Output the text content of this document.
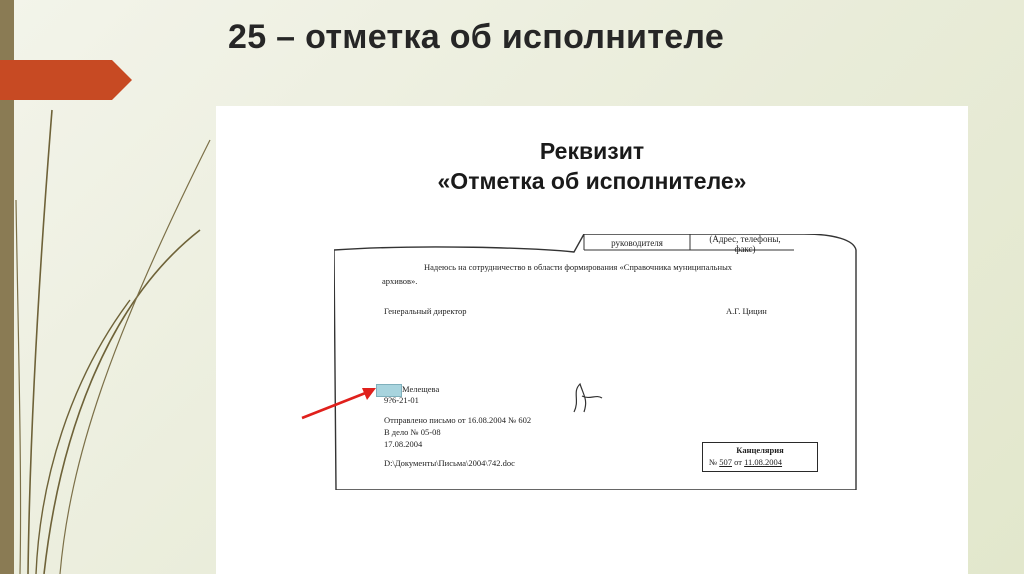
25 – отметка об исполнителе
Реквизит
«Отметка об исполнителе»
руководителя	(Адрес, телефоны,
факс)
Надеюсь на сотрудничество в области формирования «Справочника муниципальных
архивов».
Генеральный директор	А.Г. Цицин
Мелещева
9?6-21-01
Отправлено письмо от 16.08.2004 № 602
В дело № 05-08
17.08.2004
D:\Документы\Письма\2004\742.doc
Канцелярия
№ 507 от 11.08.2004
